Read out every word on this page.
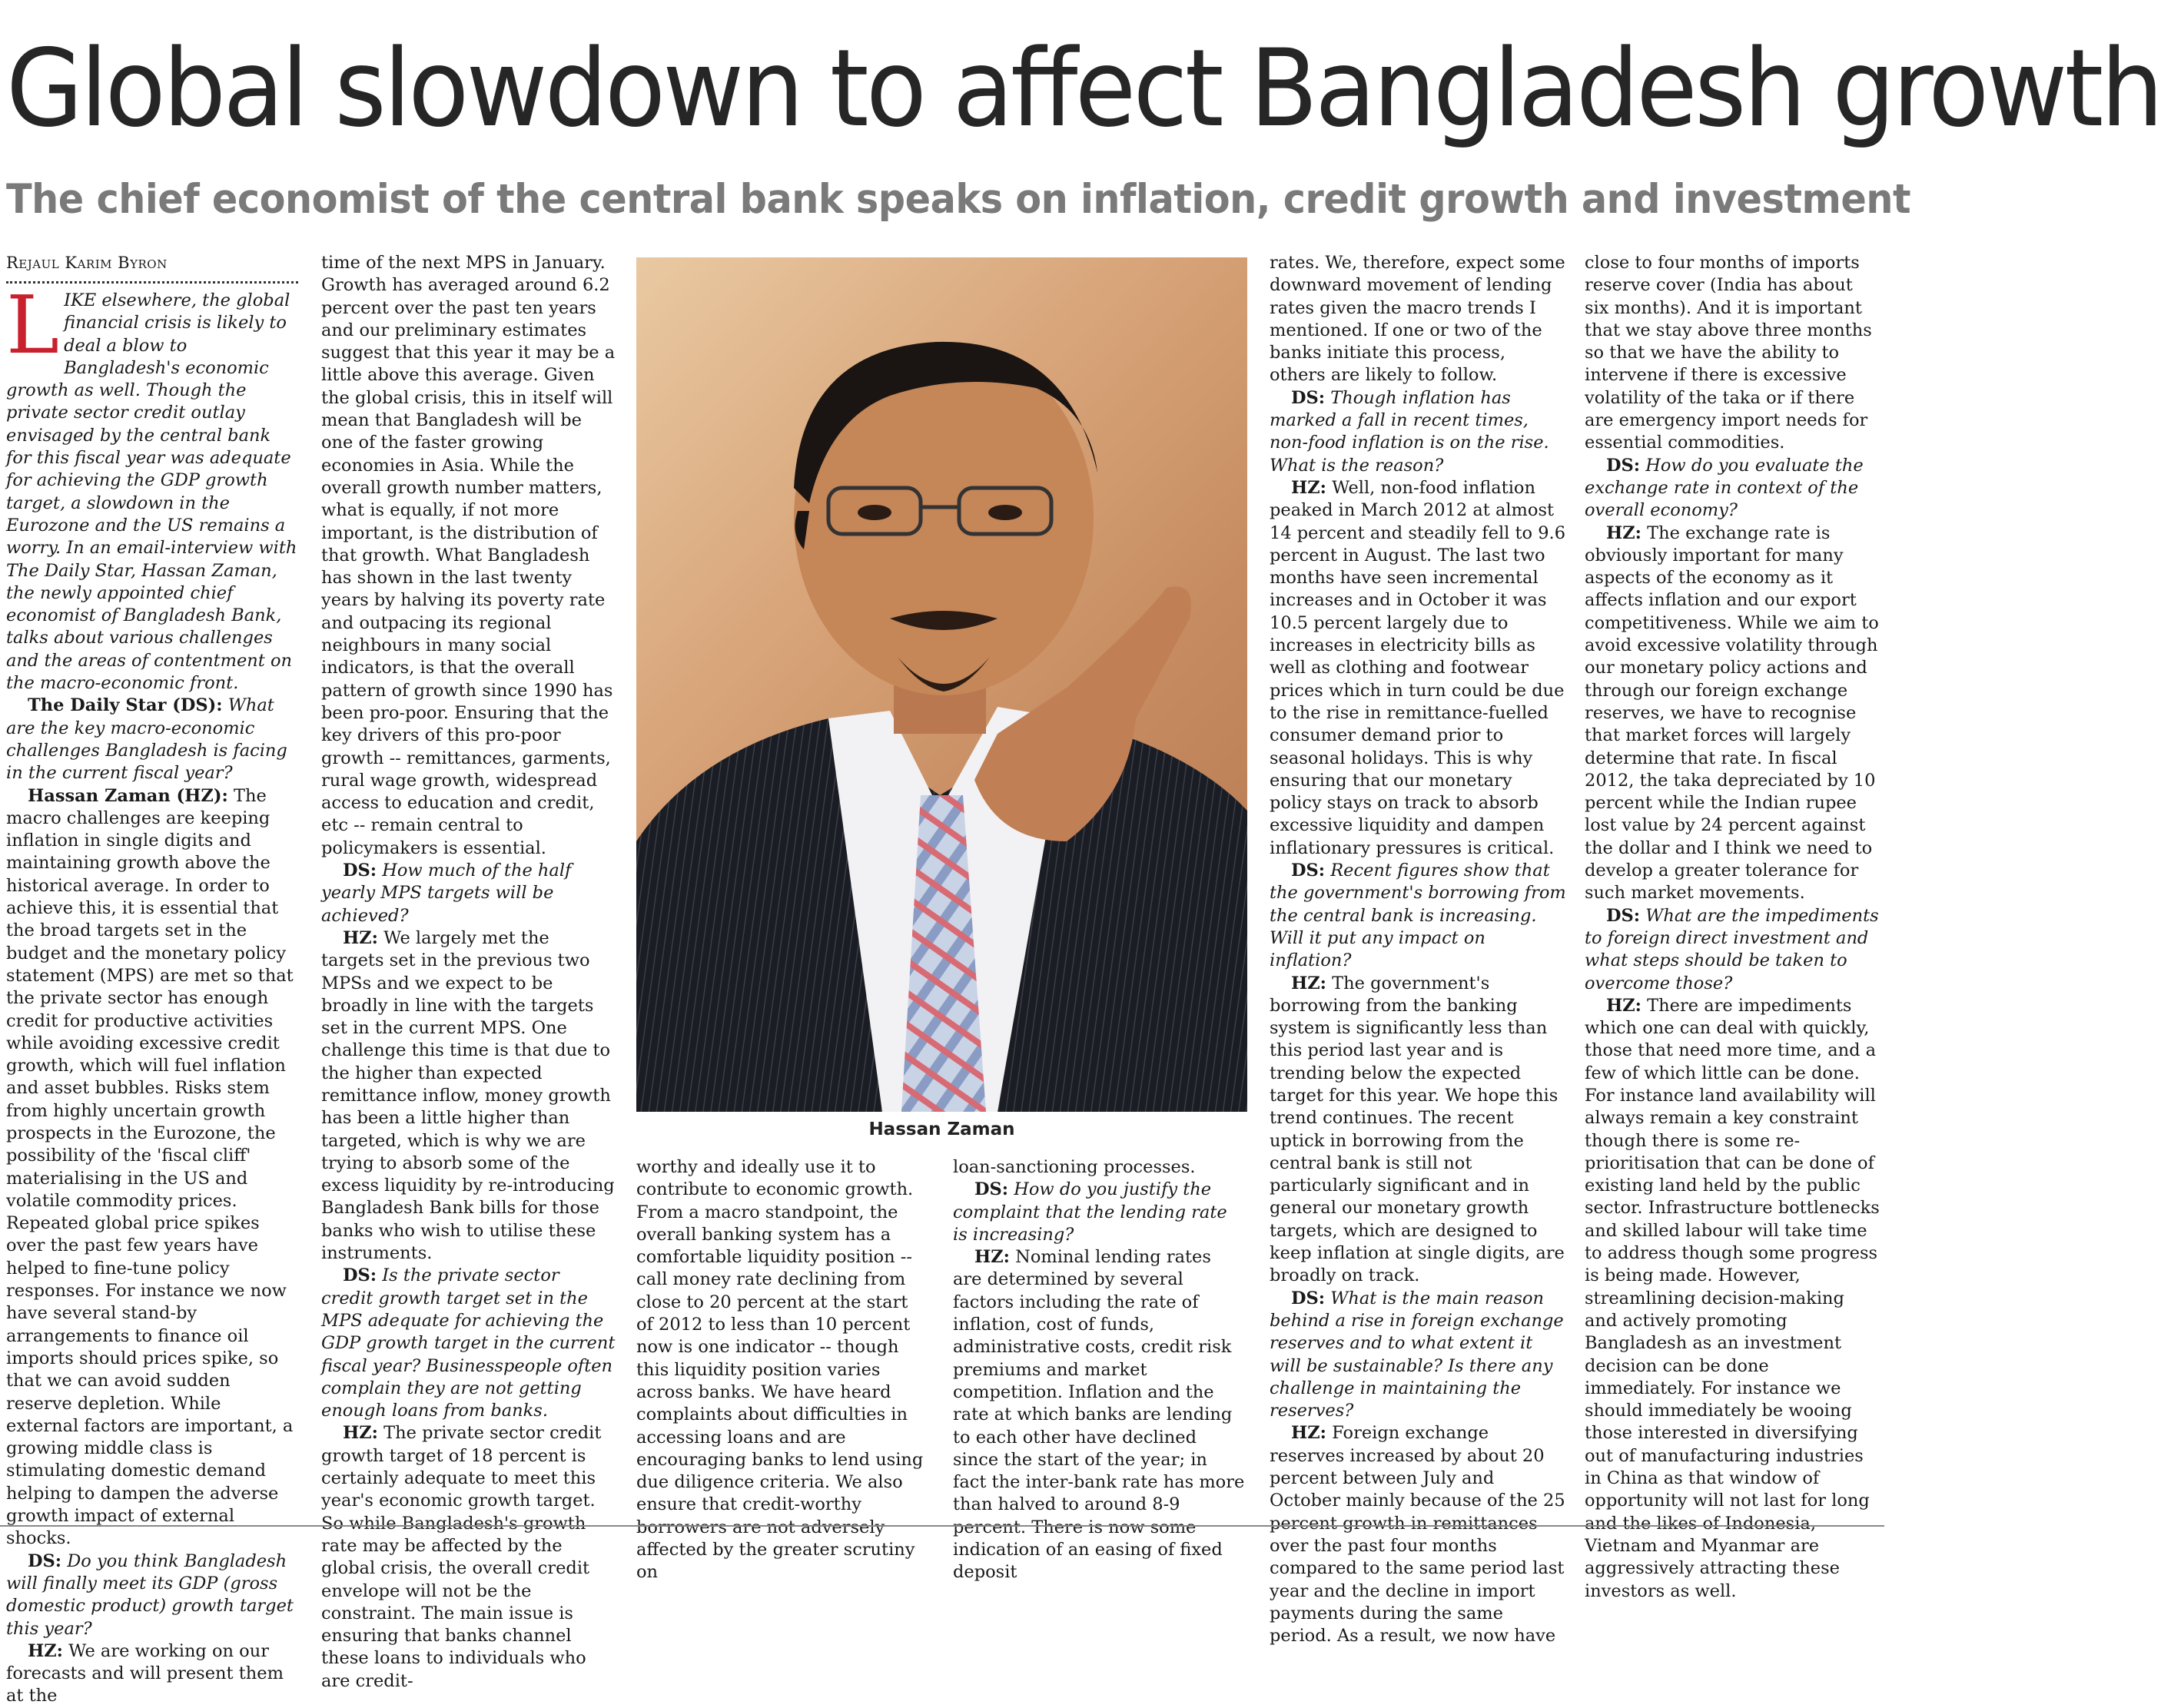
Global slowdown to affect Bangladesh growth
The chief economist of the central bank speaks on inflation, credit growth and investment
Rejaul Karim Byron

LIKE elsewhere, the global financial crisis is likely to deal a blow to Bangladesh's economic growth as well. Though the private sector credit outlay envisaged by the central bank for this fiscal year was adequate for achieving the GDP growth target, a slowdown in the Eurozone and the US remains a worry. In an email-interview with The Daily Star, Hassan Zaman, the newly appointed chief economist of Bangladesh Bank, talks about various challenges and the areas of contentment on the macro-economic front.

The Daily Star (DS): What are the key macro-economic challenges Bangladesh is facing in the current fiscal year?

Hassan Zaman (HZ): The macro challenges are keeping inflation in single digits and maintaining growth above the historical average. In order to achieve this, it is essential that the broad targets set in the budget and the monetary policy statement (MPS) are met so that the private sector has enough credit for productive activities while avoiding excessive credit growth, which will fuel inflation and asset bubbles. Risks stem from highly uncertain growth prospects in the Eurozone, the possibility of the 'fiscal cliff' materialising in the US and volatile commodity prices. Repeated global price spikes over the past few years have helped to fine-tune policy responses. For instance we now have several stand-by arrangements to finance oil imports should prices spike, so that we can avoid sudden reserve depletion. While external factors are important, a growing middle class is stimulating domestic demand helping to dampen the adverse growth impact of external shocks.

DS: Do you think Bangladesh will finally meet its GDP (gross domestic product) growth target this year?

HZ: We are working on our forecasts and will present them at the

time of the next MPS in January. Growth has averaged around 6.2 percent over the past ten years and our preliminary estimates suggest that this year it may be a little above this average. Given the global crisis, this in itself will mean that Bangladesh will be one of the faster growing economies in Asia. While the overall growth number matters, what is equally, if not more important, is the distribution of that growth. What Bangladesh has shown in the last twenty years by halving its poverty rate and outpacing its regional neighbours in many social indicators, is that the overall pattern of growth since 1990 has been pro-poor. Ensuring that the key drivers of this pro-poor growth -- remittances, garments, rural wage growth, widespread access to education and credit, etc -- remain central to policymakers is essential.

DS: How much of the half yearly MPS targets will be achieved?

HZ: We largely met the targets set in the previous two MPSs and we expect to be broadly in line with the targets set in the current MPS. One challenge this time is that due to the higher than expected remittance inflow, money growth has been a little higher than targeted, which is why we are trying to absorb some of the excess liquidity by re-introducing Bangladesh Bank bills for those banks who wish to utilise these instruments.

DS: Is the private sector credit growth target set in the MPS adequate for achieving the GDP growth target in the current fiscal year? Businesspeople often complain they are not getting enough loans from banks.

HZ: The private sector credit growth target of 18 percent is certainly adequate to meet this year's economic growth target. So while Bangladesh's growth rate may be affected by the global crisis, the overall credit envelope will not be the constraint. The main issue is ensuring that banks channel these loans to individuals who are credit-

Hassan Zaman

worthy and ideally use it to contribute to economic growth. From a macro standpoint, the overall banking system has a comfortable liquidity position -- call money rate declining from close to 20 percent at the start of 2012 to less than 10 percent now is one indicator -- though this liquidity position varies across banks. We have heard complaints about difficulties in accessing loans and are encouraging banks to lend using due diligence criteria. We also ensure that credit-worthy borrowers are not adversely affected by the greater scrutiny on

loan-sanctioning processes.

DS: How do you justify the complaint that the lending rate is increasing?

HZ: Nominal lending rates are determined by several factors including the rate of inflation, cost of funds, administrative costs, credit risk premiums and market competition. Inflation and the rate at which banks are lending to each other have declined since the start of the year; in fact the inter-bank rate has more than halved to around 8-9 percent. There is now some indication of an easing of fixed deposit

rates. We, therefore, expect some downward movement of lending rates given the macro trends I mentioned. If one or two of the banks initiate this process, others are likely to follow.

DS: Though inflation has marked a fall in recent times, non-food inflation is on the rise. What is the reason?

HZ: Well, non-food inflation peaked in March 2012 at almost 14 percent and steadily fell to 9.6 percent in August. The last two months have seen incremental increases and in October it was 10.5 percent largely due to increases in electricity bills as well as clothing and footwear prices which in turn could be due to the rise in remittance-fuelled consumer demand prior to seasonal holidays. This is why ensuring that our monetary policy stays on track to absorb excessive liquidity and dampen inflationary pressures is critical.

DS: Recent figures show that the government's borrowing from the central bank is increasing. Will it put any impact on inflation?

HZ: The government's borrowing from the banking system is significantly less than this period last year and is trending below the expected target for this year. We hope this trend continues. The recent uptick in borrowing from the central bank is still not particularly significant and in general our monetary growth targets, which are designed to keep inflation at single digits, are broadly on track.

DS: What is the main reason behind a rise in foreign exchange reserves and to what extent it will be sustainable? Is there any challenge in maintaining the reserves?

HZ: Foreign exchange reserves increased by about 20 percent between July and October mainly because of the 25 percent growth in remittances over the past four months compared to the same period last year and the decline in import payments during the same period. As a result, we now have

close to four months of imports reserve cover (India has about six months). And it is important that we stay above three months so that we have the ability to intervene if there is excessive volatility of the taka or if there are emergency import needs for essential commodities.

DS: How do you evaluate the exchange rate in context of the overall economy?

HZ: The exchange rate is obviously important for many aspects of the economy as it affects inflation and our export competitiveness. While we aim to avoid excessive volatility through our monetary policy actions and through our foreign exchange reserves, we have to recognise that market forces will largely determine that rate. In fiscal 2012, the taka depreciated by 10 percent while the Indian rupee lost value by 24 percent against the dollar and I think we need to develop a greater tolerance for such market movements.

DS: What are the impediments to foreign direct investment and what steps should be taken to overcome those?

HZ: There are impediments which one can deal with quickly, those that need more time, and a few of which little can be done. For instance land availability will always remain a key constraint though there is some re-prioritisation that can be done of existing land held by the public sector. Infrastructure bottlenecks and skilled labour will take time to address though some progress is being made. However, streamlining decision-making and actively promoting Bangladesh as an investment decision can be done immediately. For instance we should immediately be wooing those interested in diversifying out of manufacturing industries in China as that window of opportunity will not last for long and the likes of Indonesia, Vietnam and Myanmar are aggressively attracting these investors as well.
